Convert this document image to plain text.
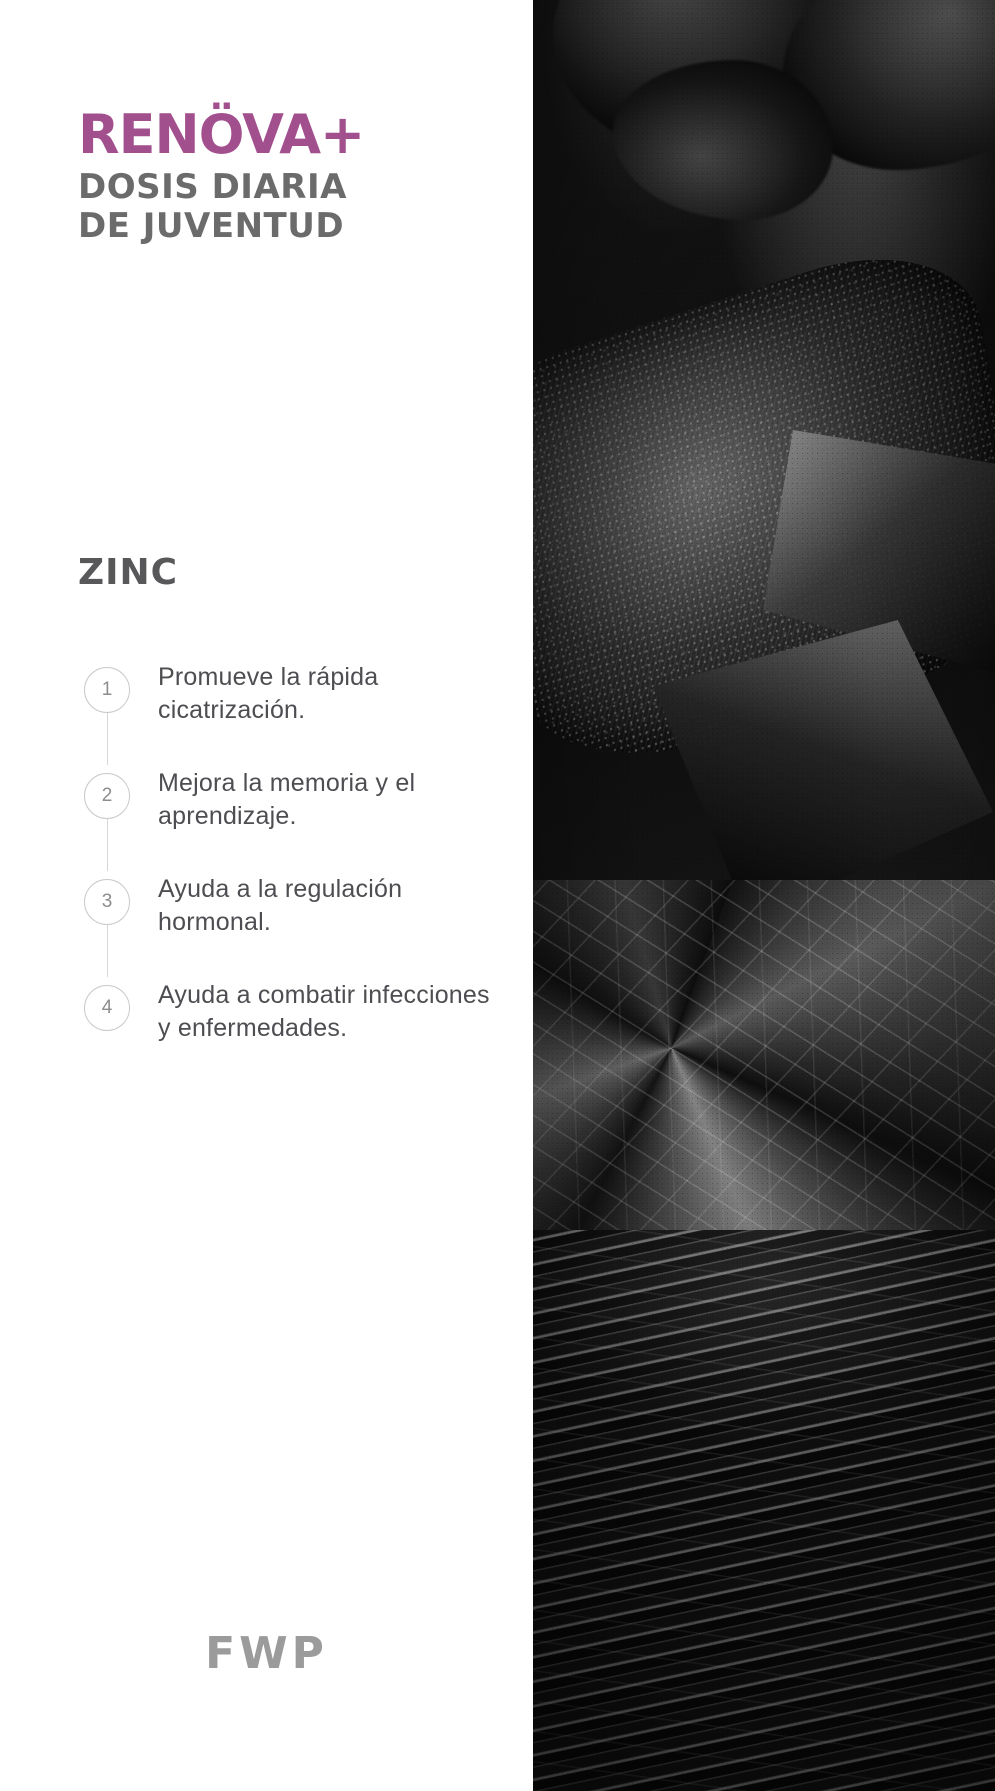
RENÖVA+
DOSIS DIARIA DE JUVENTUD
ZINC
1	Promueve la rápida cicatrización.
2	Mejora la memoria y el aprendizaje.
3	Ayuda a la regulación hormonal.
4	Ayuda a combatir infecciones y enfermedades.
FWP
